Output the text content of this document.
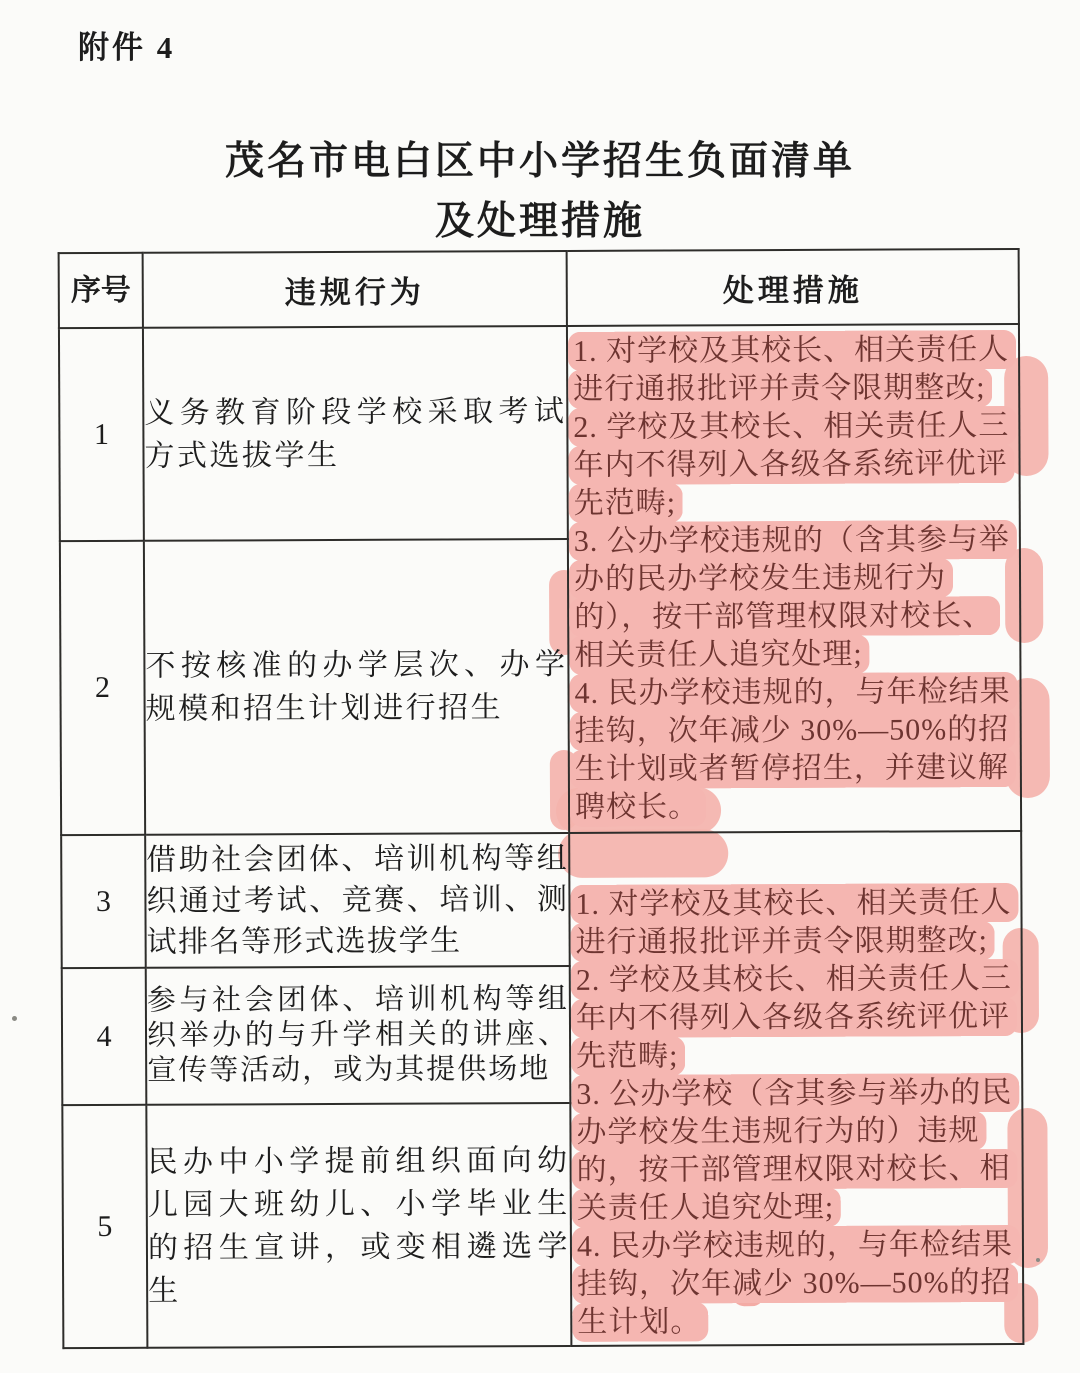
附件 4
茂名市电白区中小学招生负面清单
及处理措施
序号	违规行为	处理措施
1	义务教育阶段学校采取考试方式选拔学生	1. 对学校及其校长、相关责任人进行通报批评并责令限期整改;
2. 学校及其校长、相关责任人三年内不得列入各级各系统评优评先范畴;
3. 公办学校违规的（含其参与举办的民办学校发生违规行为的），按干部管理权限对校长、相关责任人追究处理;
4. 民办学校违规的，与年检结果挂钩，次年减少 30%—50%的招生计划或者暂停招生，并建议解聘校长。

2	不按核准的办学层次、办学规模和招生计划进行招生	
3	借助社会团体、培训机构等组织通过考试、竞赛、培训、测试排名等形式选拔学生	1. 对学校及其校长、相关责任人进行通报批评并责令限期整改;
2. 学校及其校长、相关责任人三年内不得列入各级各系统评优评先范畴;
3. 公办学校（含其参与举办的民办学校发生违规行为的）违规的，按干部管理权限对校长、相关责任人追究处理;
4. 民办学校违规的，与年检结果挂钩，次年减少 30%—50%的招生计划。

4	参与社会团体、培训机构等组织举办的与升学相关的讲座、宣传等活动，或为其提供场地	
5	民办中小学提前组织面向幼儿园大班幼儿、小学毕业生的招生宣讲，或变相遴选学生	
